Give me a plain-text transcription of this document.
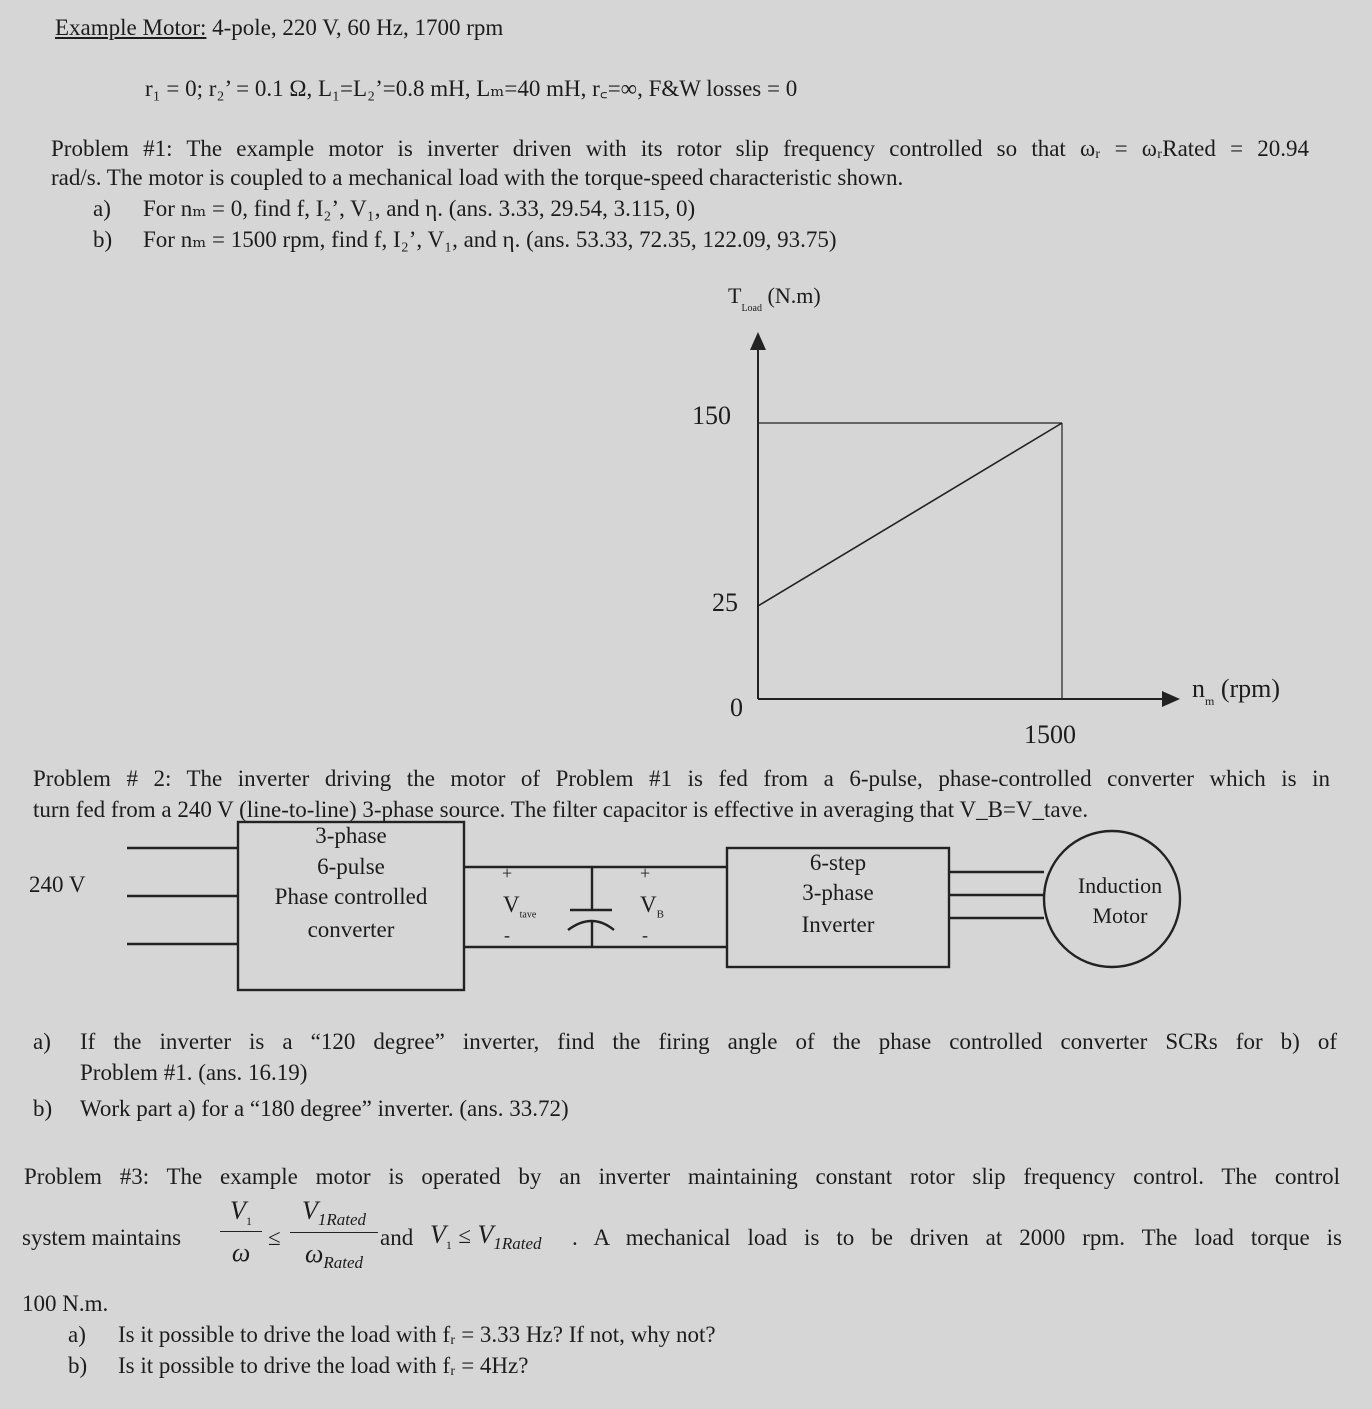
Example Motor: 4-pole, 220 V, 60 Hz, 1700 rpm
r₁ = 0; r₂’ = 0.1 Ω, L₁=L₂’=0.8 mH, Lₘ=40 mH, r꜀=∞, F&W losses = 0
Problem #1: The example motor is inverter driven with its rotor slip frequency controlled so that ωᵣ = ωᵣRated = 20.94
rad/s. The motor is coupled to a mechanical load with the torque-speed characteristic shown.
a) For nₘ = 0, find f, I₂’, V₁, and η. (ans. 3.33, 29.54, 3.115, 0)
b) For nₘ = 1500 rpm, find f, I₂’, V₁, and η. (ans. 53.33, 72.35, 122.09, 93.75)
$T_{Load}$ (N.m)
$n_m$ (rpm)
150
25
0
1500
Problem # 2: The inverter driving the motor of Problem #1 is fed from a 6-pulse, phase-controlled converter which is in
turn fed from a 240 V (line-to-line) 3-phase source. The filter capacitor is effective in averaging that V_B=V_tave.
240 V
3-phase
6-pulse
Phase controlled
converter
+
$V_{tave}$
-
+
$V_B$
-
6-step
3-phase
Inverter
Induction
Motor
a) If the inverter is a “120 degree” inverter, find the firing angle of the phase controlled converter SCRs for b) of
Problem #1. (ans. 16.19)
b) Work part a) for a “180 degree” inverter. (ans. 33.72)
Problem #3: The example motor is operated by an inverter maintaining constant rotor slip frequency control. The control
system maintains $\frac{V_1}{\omega}$ ≤
$V_{1Rated}$
$\omega_{Rated}$
and $V_1 \le V_{1Rated}$ . A mechanical load is to be driven at 2000 rpm. The load torque is
100 N.m.
a) Is it possible to drive the load with fᵣ = 3.33 Hz? If not, why not?
b) Is it possible to drive the load with fᵣ = 4Hz?
